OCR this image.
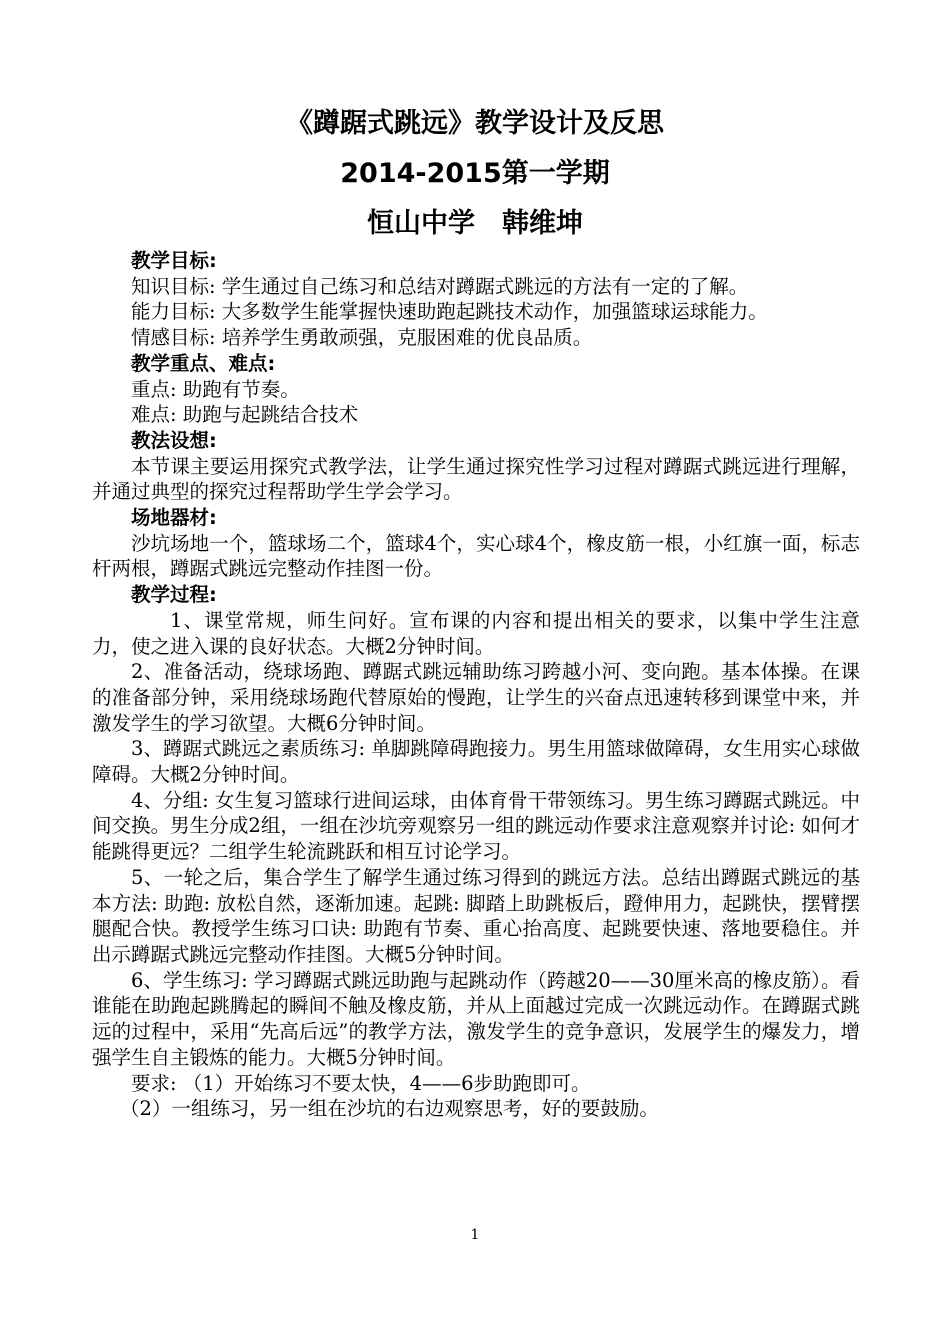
《蹲踞式跳远》教学设计及反思
2014-2015第一学期
恒山中学　韩维坤

教学目标:

知识目标: 学生通过自己练习和总结对蹲踞式跳远的方法有一定的了解。

能力目标: 大多数学生能掌握快速助跑起跳技术动作，加强篮球运球能力。

情感目标: 培养学生勇敢顽强，克服困难的优良品质。

教学重点、难点:

重点: 助跑有节奏。

难点: 助跑与起跳结合技术

教法设想:

本节课主要运用探究式教学法，让学生通过探究性学习过程对蹲踞式跳远进行理解，并通过典型的探究过程帮助学生学会学习。

场地器材:

沙坑场地一个，篮球场二个，篮球4个，实心球4个，橡皮筋一根，小红旗一面，标志杆两根，蹲踞式跳远完整动作挂图一份。

教学过程:

1、课堂常规，师生问好。宣布课的内容和提出相关的要求，以集中学生注意力，使之进入课的良好状态。大概2分钟时间。

2、准备活动，绕球场跑、蹲踞式跳远辅助练习跨越小河、变向跑。基本体操。在课的准备部分钟，采用绕球场跑代替原始的慢跑，让学生的兴奋点迅速转移到课堂中来，并激发学生的学习欲望。大概6分钟时间。

3、蹲踞式跳远之素质练习: 单脚跳障碍跑接力。男生用篮球做障碍，女生用实心球做障碍。大概2分钟时间。

4、分组: 女生复习篮球行进间运球，由体育骨干带领练习。男生练习蹲踞式跳远。中间交换。男生分成2组，一组在沙坑旁观察另一组的跳远动作要求注意观察并讨论: 如何才能跳得更远？二组学生轮流跳跃和相互讨论学习。

5、一轮之后，集合学生了解学生通过练习得到的跳远方法。总结出蹲踞式跳远的基本方法: 助跑: 放松自然，逐渐加速。起跳: 脚踏上助跳板后，蹬伸用力，起跳快，摆臂摆腿配合快。教授学生练习口诀: 助跑有节奏、重心抬高度、起跳要快速、落地要稳住。并出示蹲踞式跳远完整动作挂图。大概5分钟时间。

6、学生练习: 学习蹲踞式跳远助跑与起跳动作（跨越20——30厘米高的橡皮筋）。看谁能在助跑起跳腾起的瞬间不触及橡皮筋，并从上面越过完成一次跳远动作。在蹲踞式跳远的过程中，采用“先高后远”的教学方法，激发学生的竞争意识，发展学生的爆发力，增强学生自主锻炼的能力。大概5分钟时间。

要求: （1）开始练习不要太快，4——6步助跑即可。

（2）一组练习，另一组在沙坑的右边观察思考，好的要鼓励。

1
